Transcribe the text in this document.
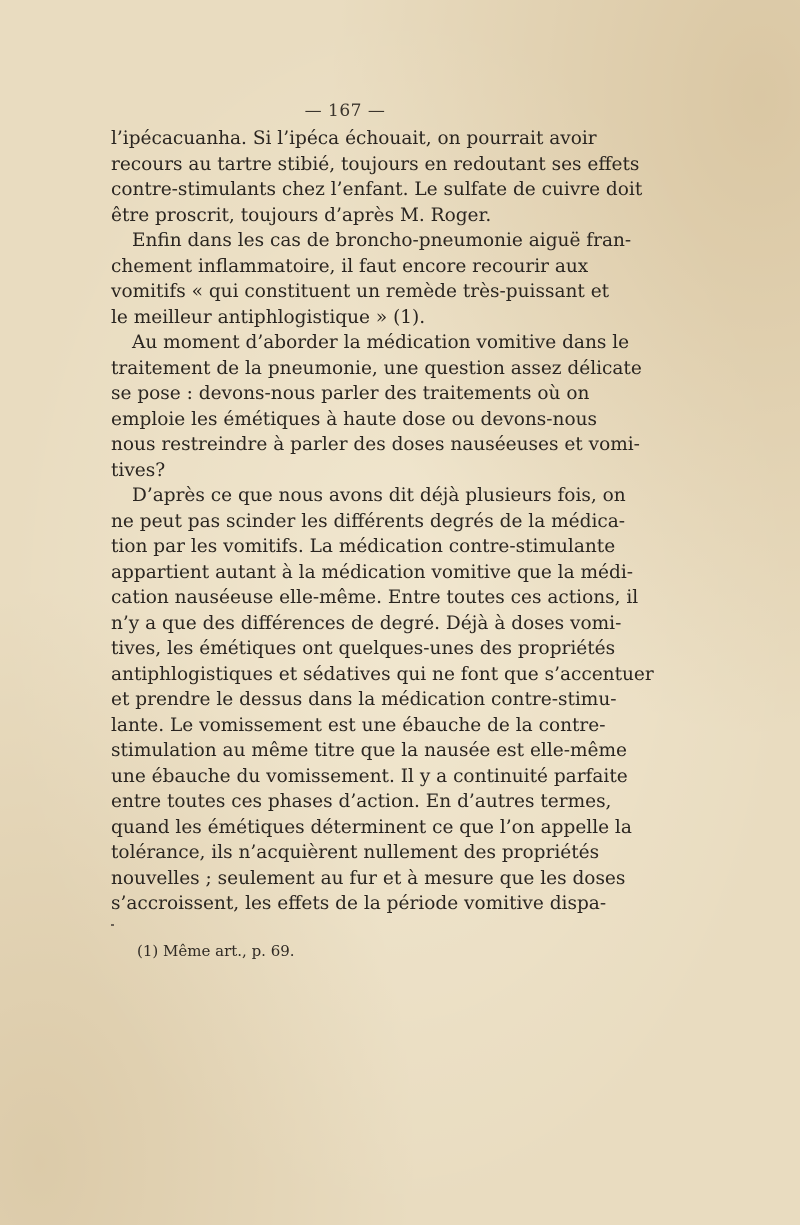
— 167 —
l’ipécacuanha. Si l’ipéca échouait, on pourrait avoir
recours au tartre stibié, toujours en redoutant ses effets
contre-stimulants chez l’enfant. Le sulfate de cuivre doit
être proscrit, toujours d’après M. Roger.
Enfin dans les cas de broncho-pneumonie aiguë fran-
chement inflammatoire, il faut encore recourir aux
vomitifs « qui constituent un remède très-puissant et
le meilleur antiphlogistique » (1).
Au moment d’aborder la médication vomitive dans le
traitement de la pneumonie, une question assez délicate
se pose : devons-nous parler des traitements où on
emploie les émétiques à haute dose ou devons-nous
nous restreindre à parler des doses nauséeuses et vomi-
tives?
D’après ce que nous avons dit déjà plusieurs fois, on
ne peut pas scinder les différents degrés de la médica-
tion par les vomitifs. La médication contre-stimulante
appartient autant à la médication vomitive que la médi-
cation nauséeuse elle-même. Entre toutes ces actions, il
n’y a que des différences de degré. Déjà à doses vomi-
tives, les émétiques ont quelques-unes des propriétés
antiphlogistiques et sédatives qui ne font que s’accentuer
et prendre le dessus dans la médication contre-stimu-
lante. Le vomissement est une ébauche de la contre-
stimulation au même titre que la nausée est elle-même
une ébauche du vomissement. Il y a continuité parfaite
entre toutes ces phases d’action. En d’autres termes,
quand les émétiques déterminent ce que l’on appelle la
tolérance, ils n’acquièrent nullement des propriétés
nouvelles ; seulement au fur et à mesure que les doses
s’accroissent, les effets de la période vomitive dispa-
(1) Même art., p. 69.
